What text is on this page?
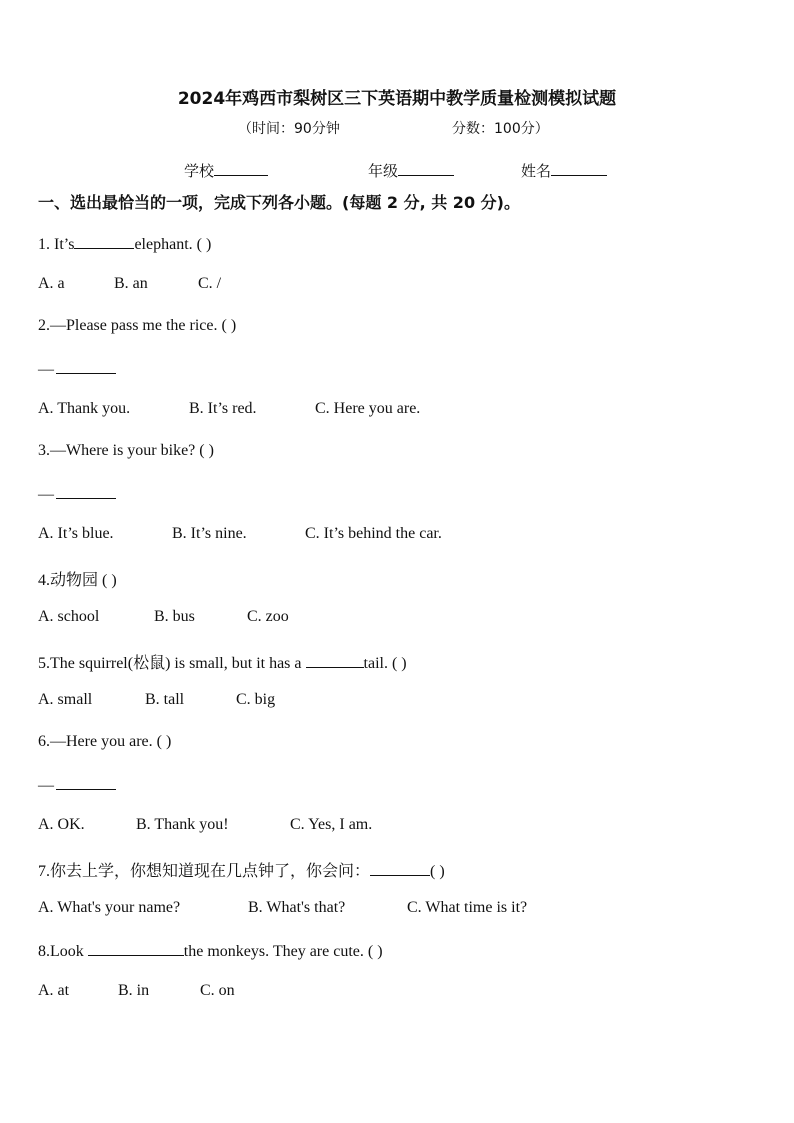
2024年鸡西市梨树区三下英语期中教学质量检测模拟试题
（时间：90分钟	分数：100分）
学校	年级	姓名
一、选出最恰当的一项，完成下列各小题。(每题 2 分, 共 20 分)。
1. It’s	elephant. ( )
A. a	B. an	C. /
2.—Please pass me the rice. ( )
—
A. Thank you.	B. It’s red.	C. Here you are.
3.—Where is your bike? ( )
—
A. It’s blue.	B. It’s nine.	C. It’s behind the car.
4.动物园 ( )
A. school	B. bus	C. zoo
5.The squirrel(松鼠) is small, but it has a	tail. ( )
A. small	B. tall	C. big
6.—Here you are. ( )
—
A. OK.	B. Thank you!	C. Yes, I am.
7.你去上学，你想知道现在几点钟了，你会问：	( )
A. What's your name?	B. What's that?	C. What time is it?
8.Look	the monkeys. They are cute. ( )
A. at	B. in	C. on
